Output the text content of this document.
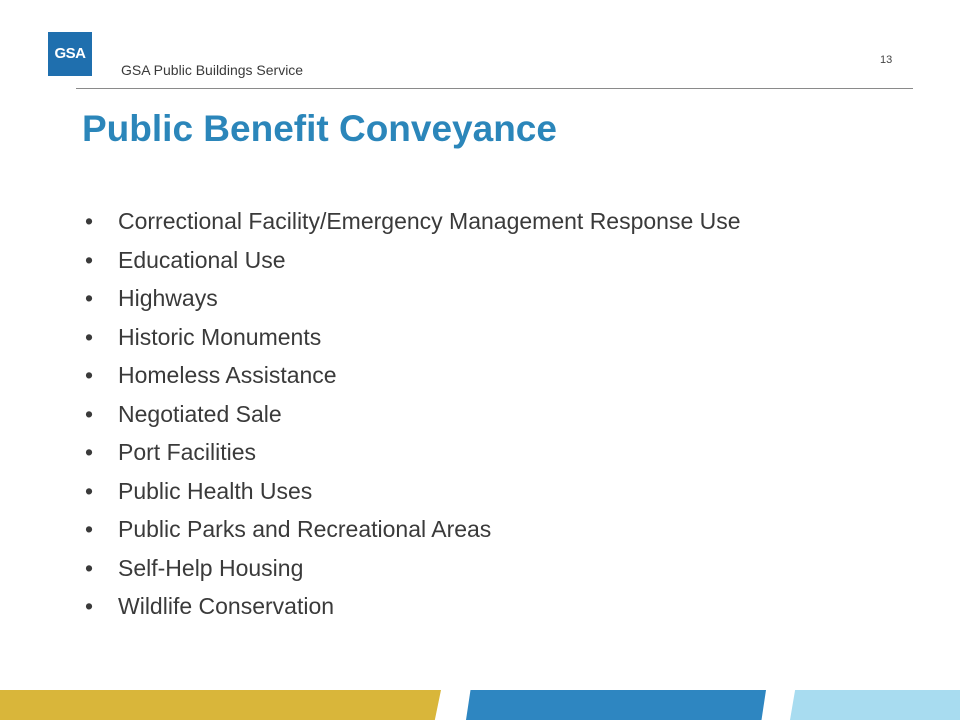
GSA
GSA Public Buildings Service
13
Public Benefit Conveyance
•	Correctional Facility/Emergency Management Response Use
•	Educational Use
•	Highways
•	Historic Monuments
•	Homeless Assistance
•	Negotiated Sale
•	Port Facilities
•	Public Health Uses
•	Public Parks and Recreational Areas
•	Self-Help Housing
•	Wildlife Conservation
